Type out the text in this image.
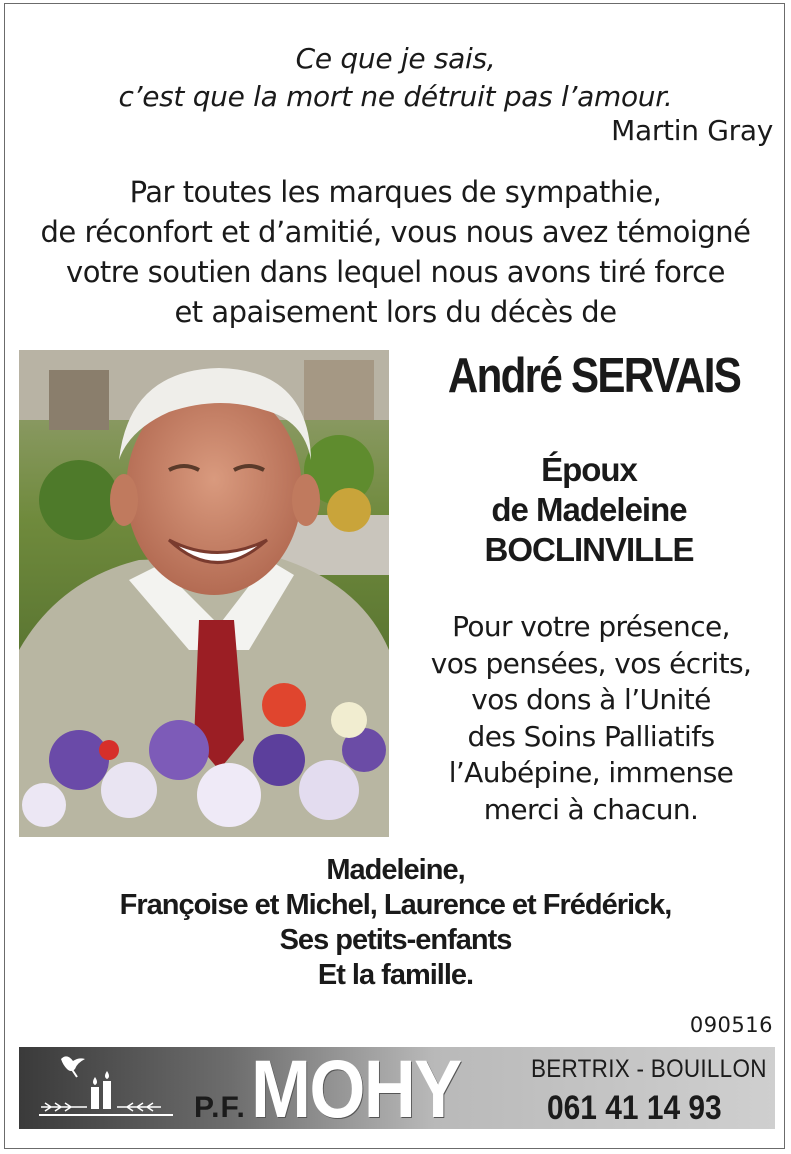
Ce que je sais,
c’est que la mort ne détruit pas l’amour.
Martin Gray
Par toutes les marques de sympathie,
de réconfort et d’amitié, vous nous avez témoigné
votre soutien dans lequel nous avons tiré force
et apaisement lors du décès de
André SERVAIS
Époux
de Madeleine
BOCLINVILLE
Pour votre présence,
vos pensées, vos écrits,
vos dons à l’Unité
des Soins Palliatifs
l’Aubépine, immense
merci à chacun.
Madeleine,
Françoise et Michel, Laurence et Frédérick,
Ses petits-enfants
Et la famille.
090516
P.F. MOHY	BERTRIX - BOUILLON
061 41 14 93
